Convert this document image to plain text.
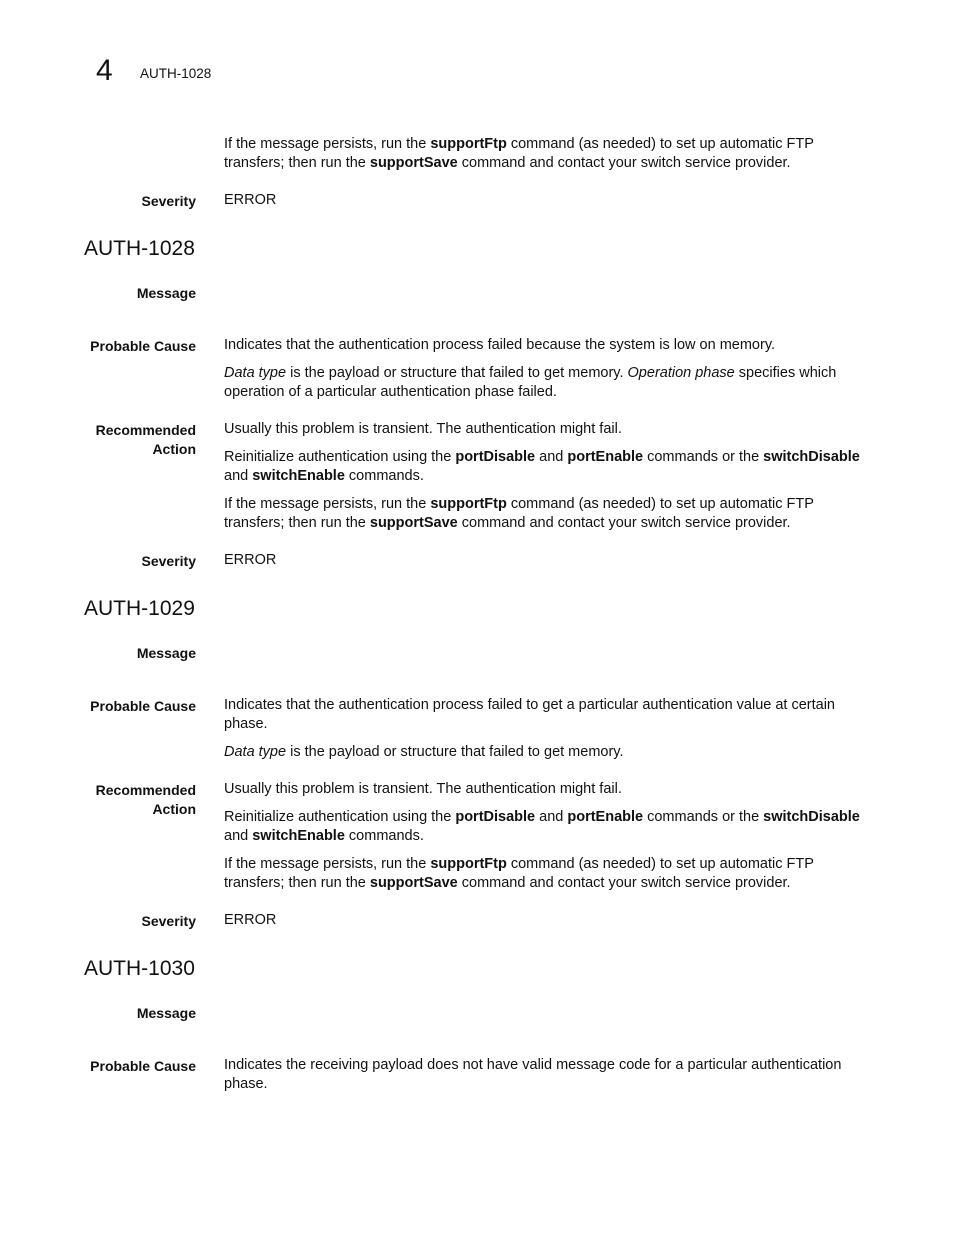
4 AUTH-1028

If the message persists, run the supportFtp command (as needed) to set up automatic FTP transfers; then run the supportSave command and contact your switch service provider.

Severity ERROR
AUTH-1028
Message
Probable Cause Indicates that the authentication process failed because the system is low on memory.

Data type is the payload or structure that failed to get memory. Operation phase specifies which operation of a particular authentication phase failed.

Recommended
Action

Usually this problem is transient. The authentication might fail.

Reinitialize authentication using the portDisable and portEnable commands or the switchDisable
and switchEnable commands.

If the message persists, run the supportFtp command (as needed) to set up automatic FTP transfers; then run the supportSave command and contact your switch service provider.

Severity ERROR
AUTH-1029
Message
Probable Cause Indicates that the authentication process failed to get a particular authentication value at certain phase.

Data type is the payload or structure that failed to get memory.

Recommended
Action

Usually this problem is transient. The authentication might fail.

Reinitialize authentication using the portDisable and portEnable commands or the switchDisable
and switchEnable commands.

If the message persists, run the supportFtp command (as needed) to set up automatic FTP transfers; then run the supportSave command and contact your switch service provider.

Severity ERROR
AUTH-1030
Message
Probable Cause Indicates the receiving payload does not have valid message code for a particular authentication phase.
